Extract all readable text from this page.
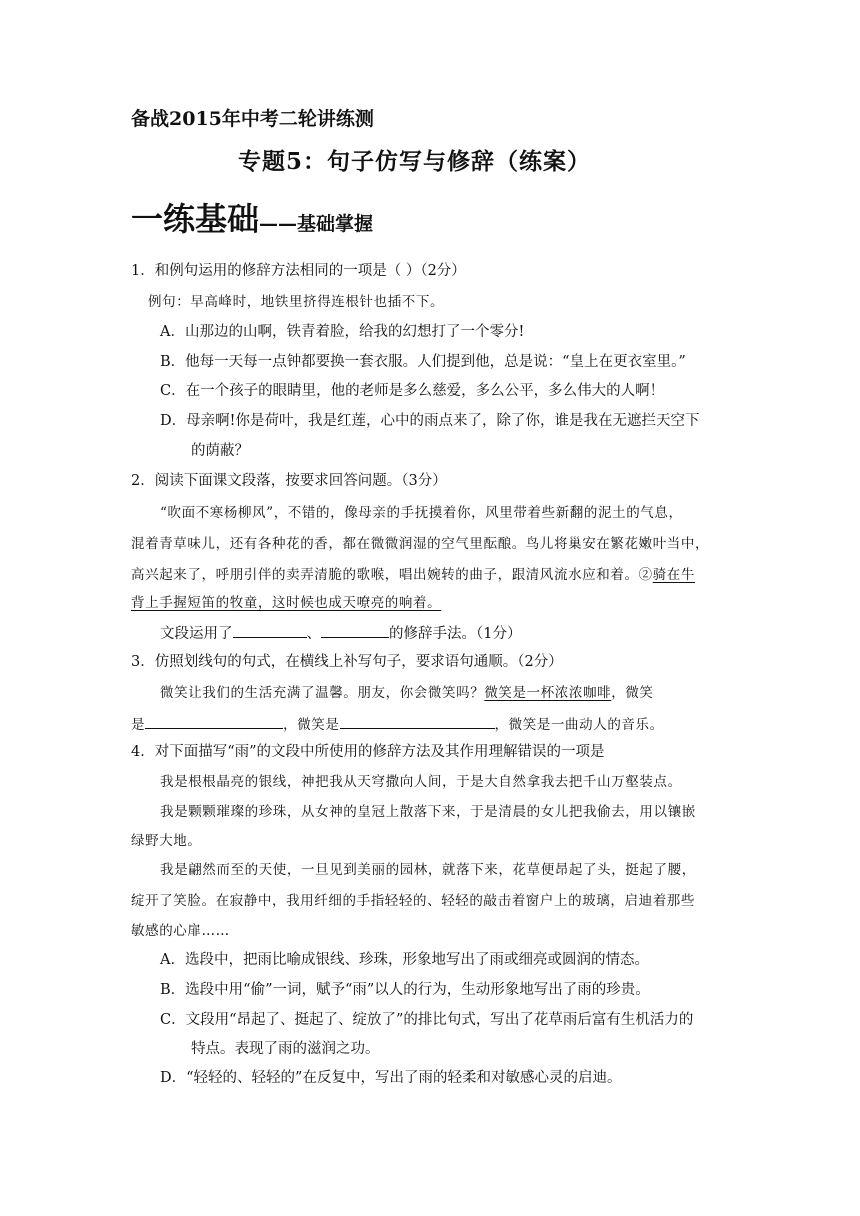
备战2015年中考二轮讲练测
专题5：句子仿写与修辞（练案）
一练基础——基础掌握
1．和例句运用的修辞方法相同的一项是（ ）（2分）
例句：早高峰时，地铁里挤得连根针也插不下。
A．山那边的山啊，铁青着脸，给我的幻想打了一个零分!
B．他每一天每一点钟都要换一套衣服。人们提到他，总是说：“皇上在更衣室里。”
C．在一个孩子的眼睛里，他的老师是多么慈爱，多么公平，多么伟大的人啊！
D．母亲啊!你是荷叶，我是红莲，心中的雨点来了，除了你，谁是我在无遮拦天空下
的荫蔽？
2．阅读下面课文段落，按要求回答问题。（3分）
“吹面不寒杨柳风”，不错的，像母亲的手抚摸着你，风里带着些新翻的泥土的气息，
混着青草味儿，还有各种花的香，都在微微润湿的空气里酝酿。鸟儿将巢安在繁花嫩叶当中，
高兴起来了，呼朋引伴的卖弄清脆的歌喉，唱出婉转的曲子，跟清风流水应和着。②骑在牛
背上手握短笛的牧童，这时候也成天嘹亮的响着。
文段运用了	、	的修辞手法。（1分）
3．仿照划线句的句式，在横线上补写句子，要求语句通顺。（2分）
微笑让我们的生活充满了温馨。朋友，你会微笑吗？微笑是一杯浓浓咖啡，微笑
是	，微笑是	，微笑是一曲动人的音乐。
4．对下面描写“雨”的文段中所使用的修辞方法及其作用理解错误的一项是
我是根根晶亮的银线，神把我从天穹撒向人间，于是大自然拿我去把千山万壑装点。
我是颗颗璀璨的珍珠，从女神的皇冠上散落下来，于是清晨的女儿把我偷去，用以镶嵌
绿野大地。
我是翩然而至的天使，一旦见到美丽的园林，就落下来，花草便昂起了头，挺起了腰，
绽开了笑脸。在寂静中，我用纤细的手指轻轻的、轻轻的敲击着窗户上的玻璃，启迪着那些
敏感的心扉……
A．选段中，把雨比喻成银线、珍珠，形象地写出了雨或细亮或圆润的情态。
B．选段中用“偷”一词，赋予“雨”以人的行为，生动形象地写出了雨的珍贵。
C．文段用“昂起了、挺起了、绽放了”的排比句式，写出了花草雨后富有生机活力的
特点。表现了雨的滋润之功。
D．“轻轻的、轻轻的”在反复中，写出了雨的轻柔和对敏感心灵的启迪。
